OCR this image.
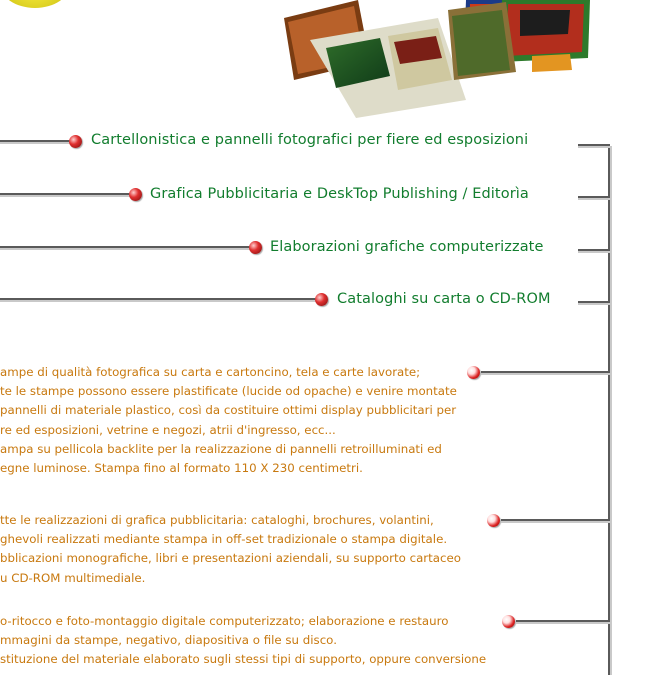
Cartellonistica e pannelli fotografici per fiere ed esposizioni
Grafica Pubblicitaria e DeskTop Publishing / Editorìa
Elaborazioni grafiche computerizzate
Cataloghi su carta o CD-ROM
ampe di qualità fotografica su carta e cartoncino, tela e carte lavorate;
te le stampe possono essere plastificate (lucide od opache) e venire montate
pannelli di materiale plastico, così da costituire ottimi display pubblicitari per
re ed esposizioni, vetrine e negozi, atrii d'ingresso, ecc...
ampa su pellicola backlite per la realizzazione di pannelli retroilluminati ed
egne luminose. Stampa fino al formato 110 X 230 centimetri.
tte le realizzazioni di grafica pubblicitaria: cataloghi, brochures, volantini,
ghevoli realizzati mediante stampa in off-set tradizionale o stampa digitale.
bblicazioni monografiche, libri e presentazioni aziendali, su supporto cartaceo
u CD-ROM multimediale.
o-ritocco e foto-montaggio digitale computerizzato; elaborazione e restauro
mmagini da stampe, negativo, diapositiva o file su disco.
stituzione del materiale elaborato sugli stessi tipi di supporto, oppure conversione
